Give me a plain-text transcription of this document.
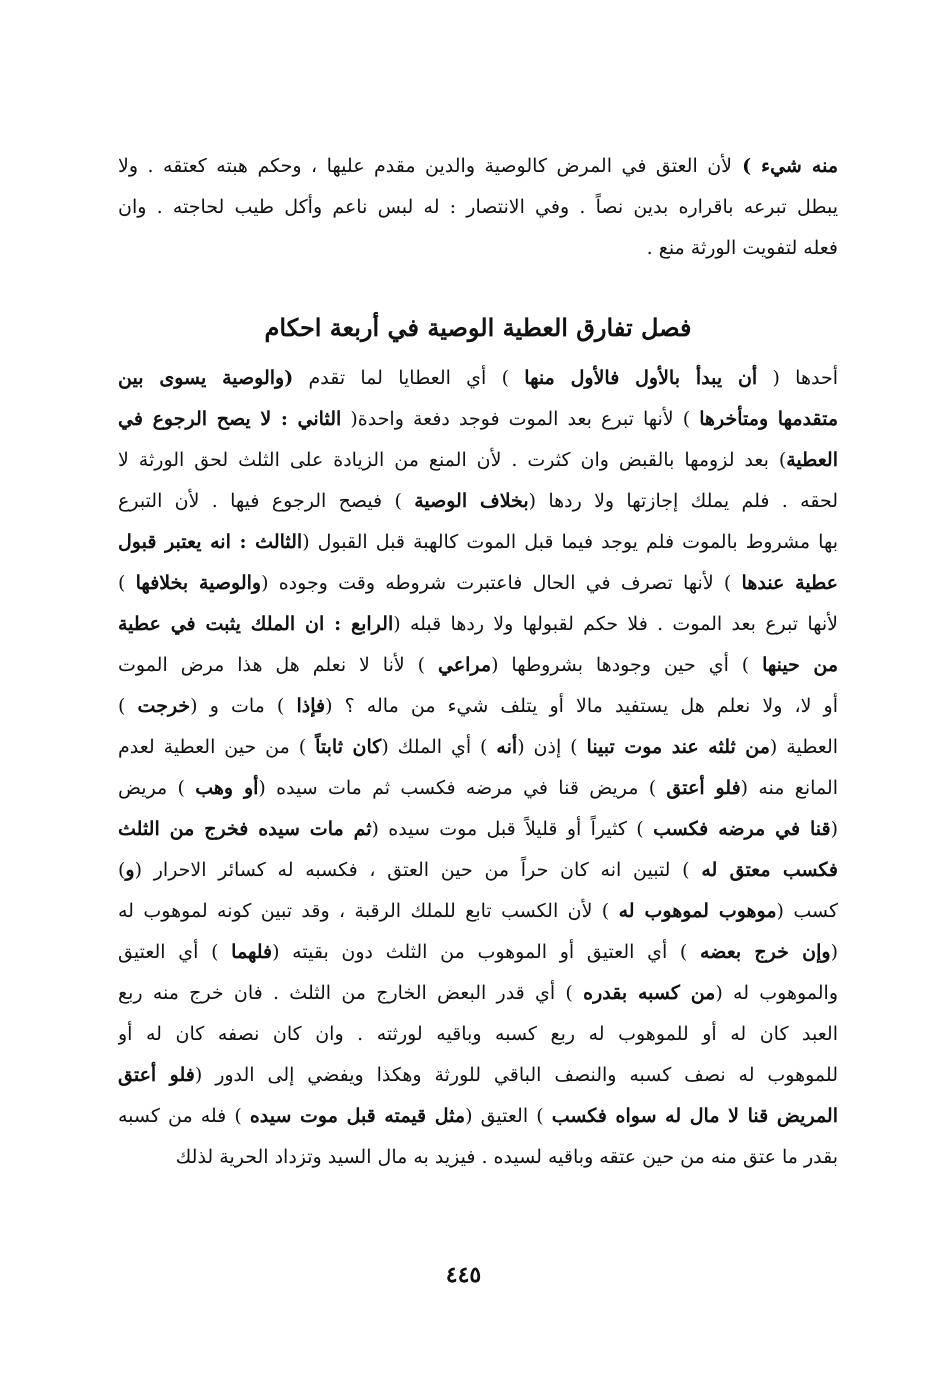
منه شيء ) لأن العتق في المرض كالوصية والدين مقدم عليها ، وحكم هبته كعتقه . ولا
يبطل تبرعه باقراره بدين نصاً . وفي الانتصار : له لبس ناعم وأكل طيب لحاجته . وان
فعله لتفويت الورثة منع .
فصل تفارق العطية الوصية في أربعة احكام
أحدها ( أن يبدأ بالأول فالأول منها ) أي العطايا لما تقدم (والوصية يسوى بين
متقدمها ومتأخرها ) لأنها تبرع بعد الموت فوجد دفعة واحدة( الثاني : لا يصح الرجوع في
العطية) بعد لزومها بالقبض وان كثرت . لأن المنع من الزيادة على الثلث لحق الورثة لا
لحقه . فلم يملك إجازتها ولا ردها (بخلاف الوصية ) فيصح الرجوع فيها . لأن التبرع
بها مشروط بالموت فلم يوجد فيما قبل الموت كالهبة قبل القبول (الثالث : انه يعتبر قبول
عطية عندها ) لأنها تصرف في الحال فاعتبرت شروطه وقت وجوده (والوصية بخلافها )
لأنها تبرع بعد الموت . فلا حكم لقبولها ولا ردها قبله (الرابع : ان الملك يثبت في عطية
من حينها ) أي حين وجودها بشروطها (مراعي ) لأنا لا نعلم هل هذا مرض الموت
أو لا، ولا نعلم هل يستفيد مالا أو يتلف شيء من ماله ؟ (فإذا ) مات و (خرجت )
العطية (من ثلثه عند موت تبينا ) إذن (أنه ) أي الملك (كان ثابتاً ) من حين العطية لعدم
المانع منه (فلو أعتق ) مريض قنا في مرضه فكسب ثم مات سيده (أو وهب ) مريض
(قنا في مرضه فكسب ) كثيراً أو قليلاً قبل موت سيده (ثم مات سيده فخرج من الثلث
فكسب معتق له ) لتبين انه كان حراً من حين العتق ، فكسبه له كسائر الاحرار (و)
كسب (موهوب لموهوب له ) لأن الكسب تابع للملك الرقبة ، وقد تبين كونه لموهوب له
(وإن خرج بعضه ) أي العتيق أو الموهوب من الثلث دون بقيته (فلهما ) أي العتيق
والموهوب له (من كسبه بقدره ) أي قدر البعض الخارج من الثلث . فان خرج منه ربع
العبد كان له أو للموهوب له ربع كسبه وباقيه لورثته . وان كان نصفه كان له أو
للموهوب له نصف كسبه والنصف الباقي للورثة وهكذا ويفضي إلى الدور (فلو أعتق
المريض قنا لا مال له سواه فكسب ) العتيق (مثل قيمته قبل موت سيده ) فله من كسبه
بقدر ما عتق منه من حين عتقه وباقيه لسيده . فيزيد به مال السيد وتزداد الحرية لذلك
٤٤٥
